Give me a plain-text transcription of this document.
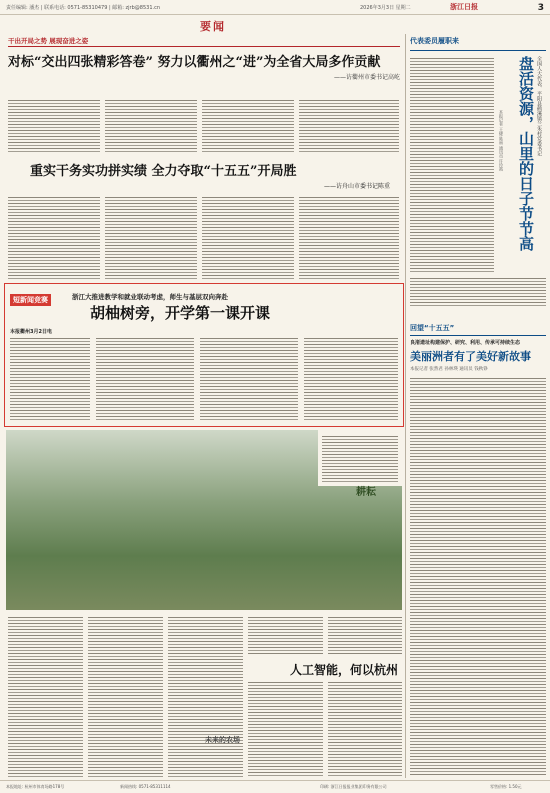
责任编辑: 潘杰 | 联系电话: 0571-85310479 | 邮箱: zjrb@8531.cn	2026年3月3日 星期二	浙江日报	3
要闻
干出开局之势 展现奋进之姿
对标“交出四张精彩答卷” 努力以衢州之“进”为全省大局多作贡献
——访衢州市委书记高屹
重实干务实功拼实绩 全力夺取“十五五”开局胜
——访舟山市委书记陈重
短新闻竞赛	浙江大推进教学和就业联动考虑，师生与基层双向奔赴
胡柚树旁，开学第一课开课
本报衢州3月2日电
耕耘
人工智能，何以杭州
未来的农场
代表委员履职来
盘活资源，山里的日子节节高 全国人大代表、平阳县鹤溪镇兰朱村党委书记
本报记者 王捷 陈丽 通讯员 许玲霞
回望“十五五”
良渚遗址构建保护、研究、利用、传承可持续生态
美丽洲者有了美好新故事
本报记者 张然君 孙林瑛 通讯员 钱秋铮
本报地址: 杭州市体育场路178号	新闻热线: 0571-85311114	印刷: 浙江日报报业集团印务有限公司	零售价格: 1.50元
